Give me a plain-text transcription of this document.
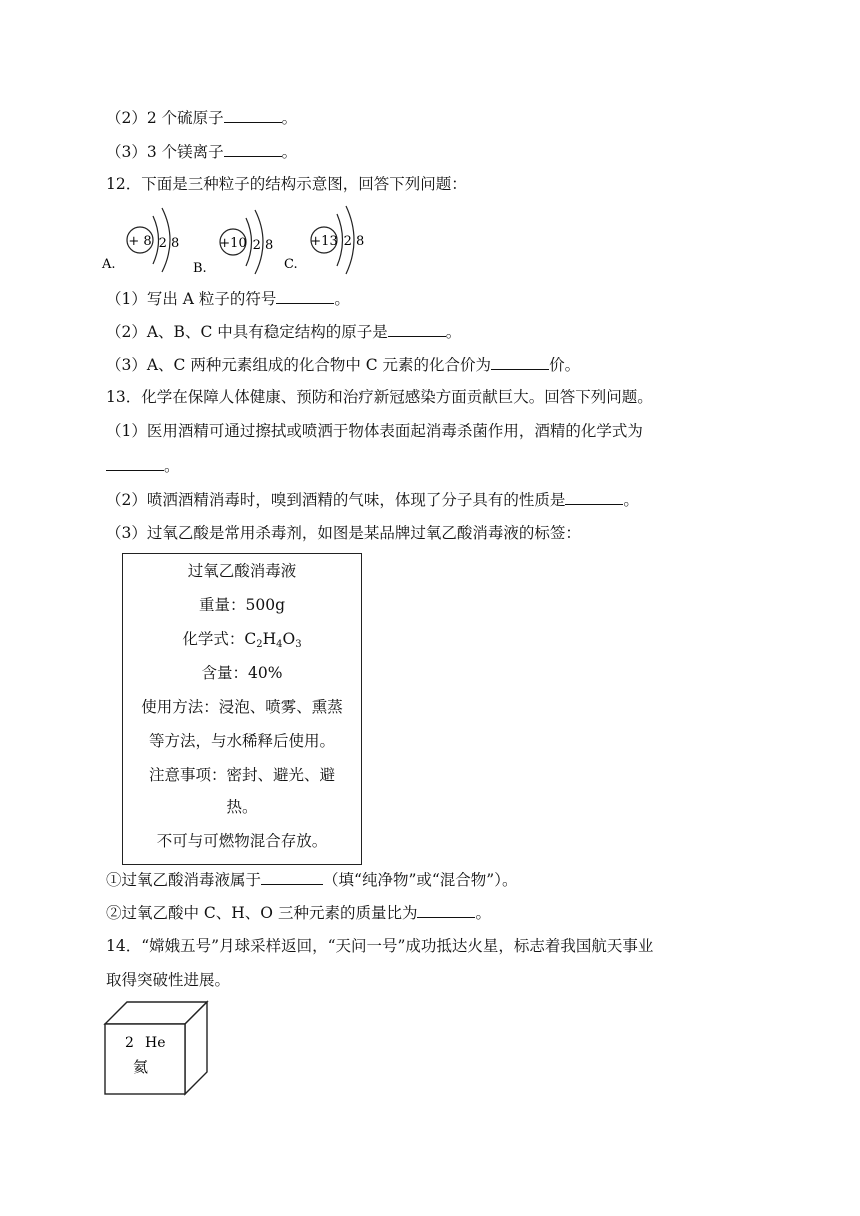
（2）2 个硫原子	。
（3）3 个镁离子	。
12．下面是三种粒子的结构示意图，回答下列问题：
+ 8 2 8
A.
+10 2 8
B.
+13 2 8
C.
（1）写出 A 粒子的符号	。
（2）A、B、C 中具有稳定结构的原子是	。
（3）A、C 两种元素组成的化合物中 C 元素的化合价为	价。
13．化学在保障人体健康、预防和治疗新冠感染方面贡献巨大。回答下列问题。
（1）医用酒精可通过擦拭或喷洒于物体表面起消毒杀菌作用，酒精的化学式为
。
（2）喷洒酒精消毒时，嗅到酒精的气味，体现了分子具有的性质是	。
（3）过氧乙酸是常用杀毒剂，如图是某品牌过氧乙酸消毒液的标签：
过氧乙酸消毒液
重量：500g
化学式：$C_2H_4O_3$
含量：40%
使用方法：浸泡、喷雾、熏蒸
等方法，与水稀释后使用。
注意事项：密封、避光、避
热。
不可与可燃物混合存放。
①过氧乙酸消毒液属于	（填“纯净物”或“混合物”）。
②过氧乙酸中 C、H、O 三种元素的质量比为	。
14．“嫦娥五号”月球采样返回，“天问一号”成功抵达火星，标志着我国航天事业
取得突破性进展。
2 He
氦
